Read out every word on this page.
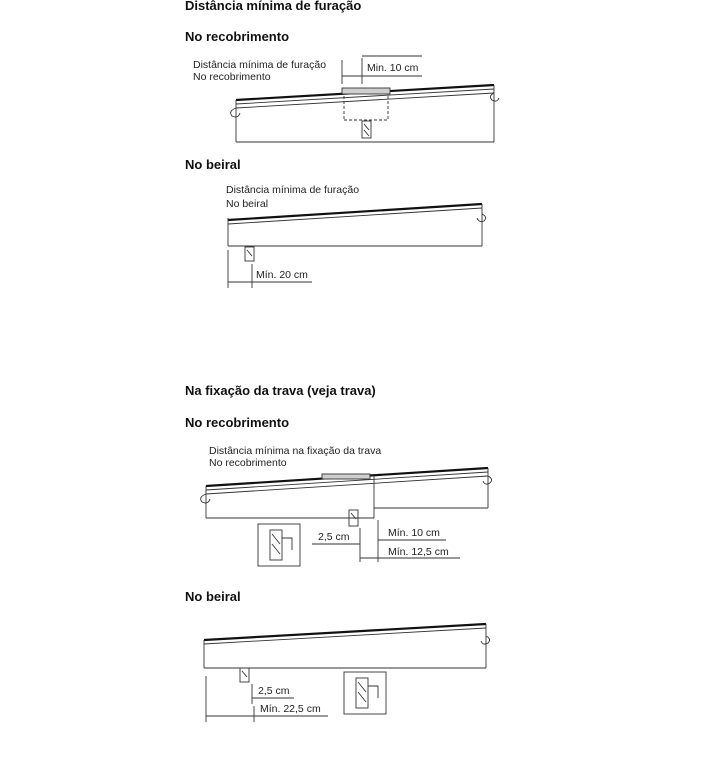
Distância mínima de furação
No recobrimento
No beiral
Na fixação da trava (veja trava)
No recobrimento
No beiral
Distância mínima de furação
No recobrimento
Min. 10 cm
Distância mínima de furação
No beiral
Mín. 20 cm
Distância mínima na fixação da trava
No recobrimento
2,5 cm	Mín. 10 cm
Mín. 12,5 cm
2,5 cm
Mín. 22,5 cm
